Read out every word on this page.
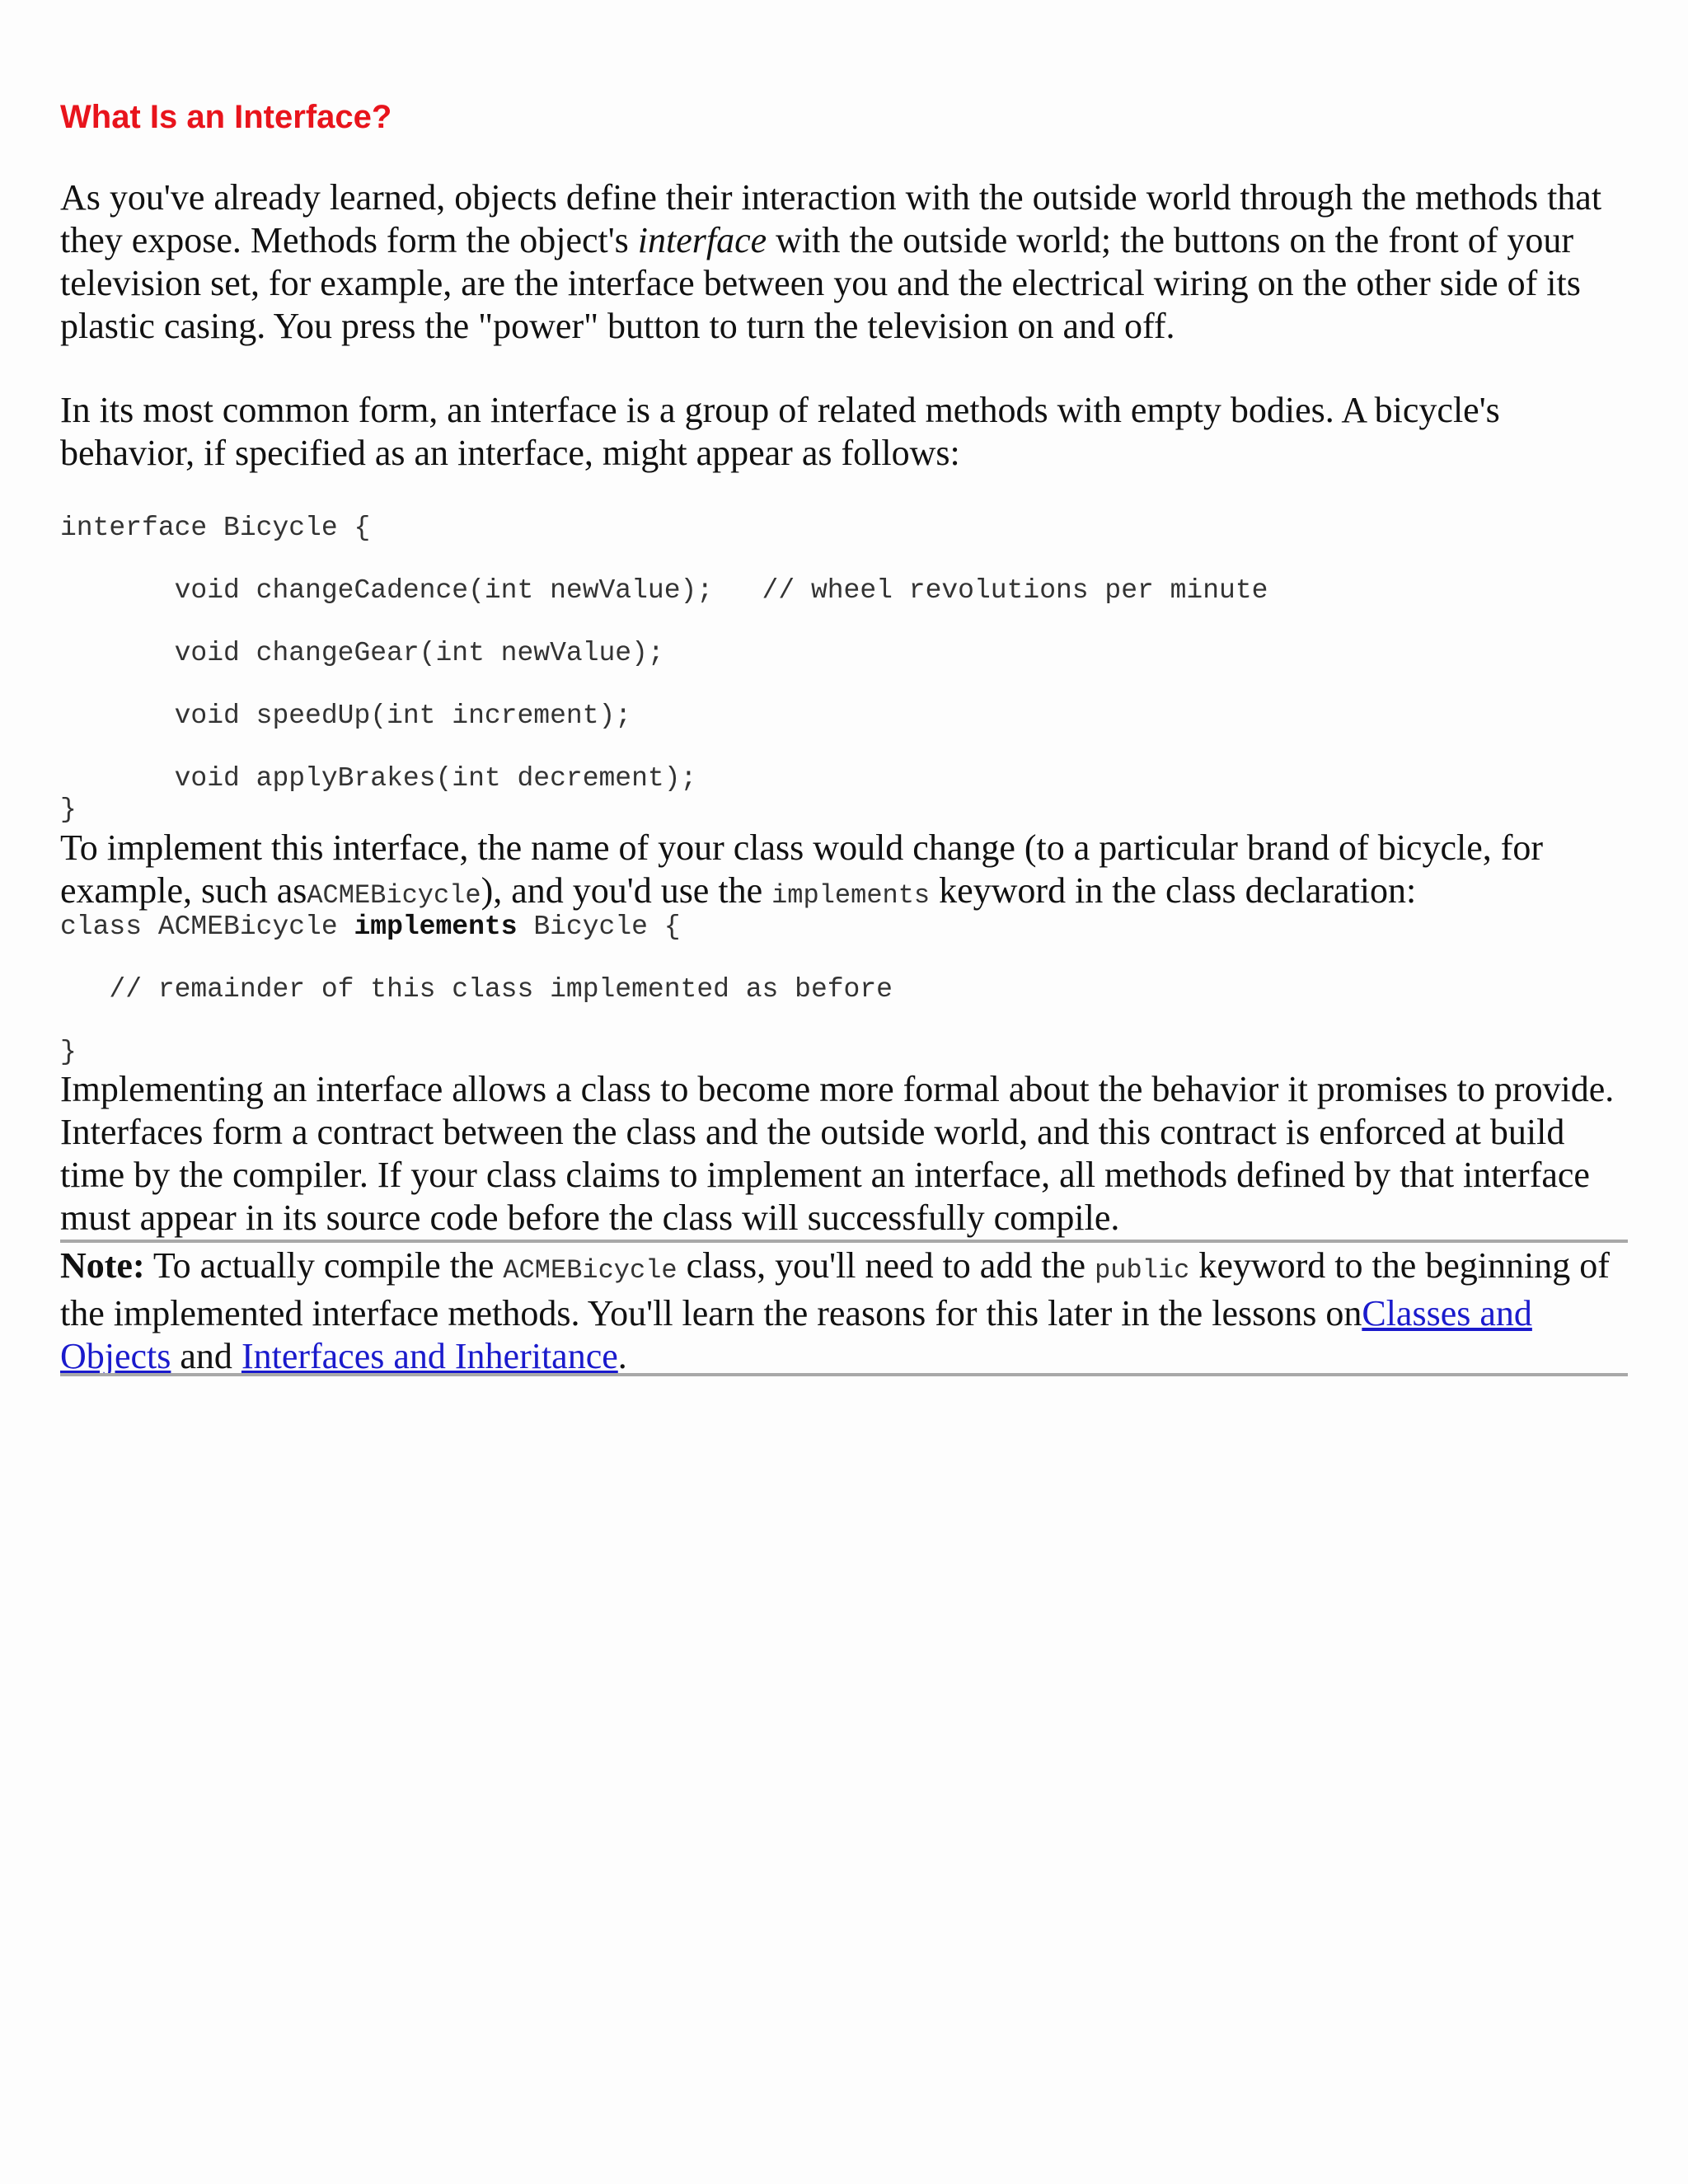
What Is an Interface?

As you've already learned, objects define their interaction with the outside world through the methods that they expose. Methods form the object's interface with the outside world; the buttons on the front of your television set, for example, are the interface between you and the electrical wiring on the other side of its plastic casing. You press the "power" button to turn the television on and off.

In its most common form, an interface is a group of related methods with empty bodies. A bicycle's behavior, if specified as an interface, might appear as follows:

interface Bicycle {
void changeCadence(int newValue);   // wheel revolutions per minute
void changeGear(int newValue);
void speedUp(int increment);
void applyBrakes(int decrement);
}

To implement this interface, the name of your class would change (to a particular brand of bicycle, for example, such asACMEBicycle), and you'd use the implements keyword in the class declaration:

class ACMEBicycle implements Bicycle {
// remainder of this class implemented as before
}

Implementing an interface allows a class to become more formal about the behavior it promises to provide. Interfaces form a contract between the class and the outside world, and this contract is enforced at build time by the compiler. If your class claims to implement an interface, all methods defined by that interface must appear in its source code before the class will successfully compile.

Note: To actually compile the ACMEBicycle class, you'll need to add the public keyword to the beginning of the implemented interface methods. You'll learn the reasons for this later in the lessons onClasses and Objects and Interfaces and Inheritance.
